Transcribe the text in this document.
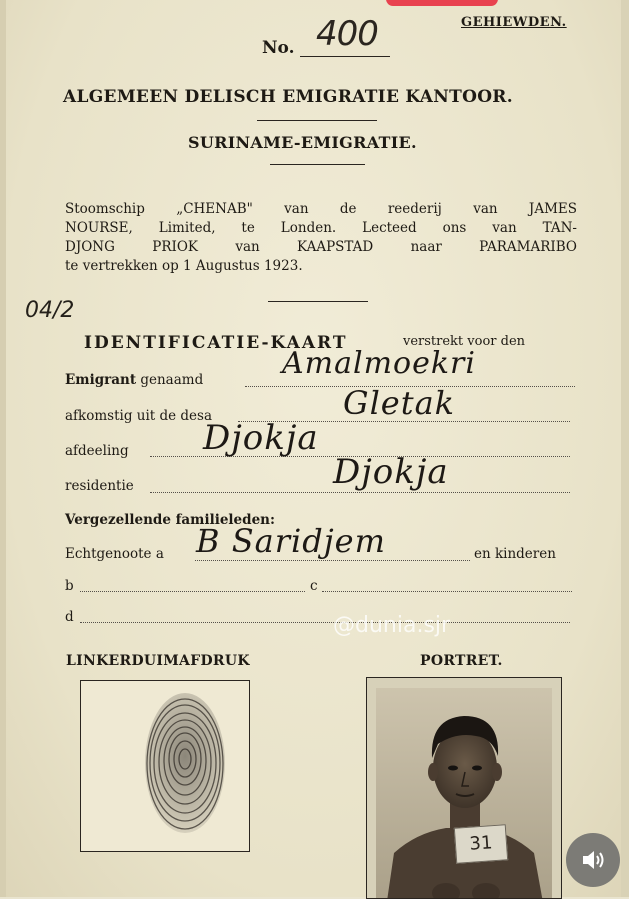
No. 400	GEHIEWDEN.
ALGEMEEN DELISCH EMIGRATIE KANTOOR.
SURINAME-EMIGRATIE.

Stoomschip „CHENAB" van de reederij van JAMES

NOURSE, Limited, te Londen. Lecteed ons van TAN-

DJONG PRIOK van KAAPSTAD naar PARAMARIBO

te vertrekken op 1 Augustus 1923.

04/2
IDENTIFICATIE-KAART	verstrekt voor den
Emigrant genaamd	Amalmoekri
afkomstig uit de desa	Gletak
afdeeling Djokja
residentie	Djokja
Vergezellende familieleden:
Echtgenoote a B Saridjem	en kinderen
b	c
d	@dunia.sjr
LINKERDUIMAFDRUK	PORTRET.
31
